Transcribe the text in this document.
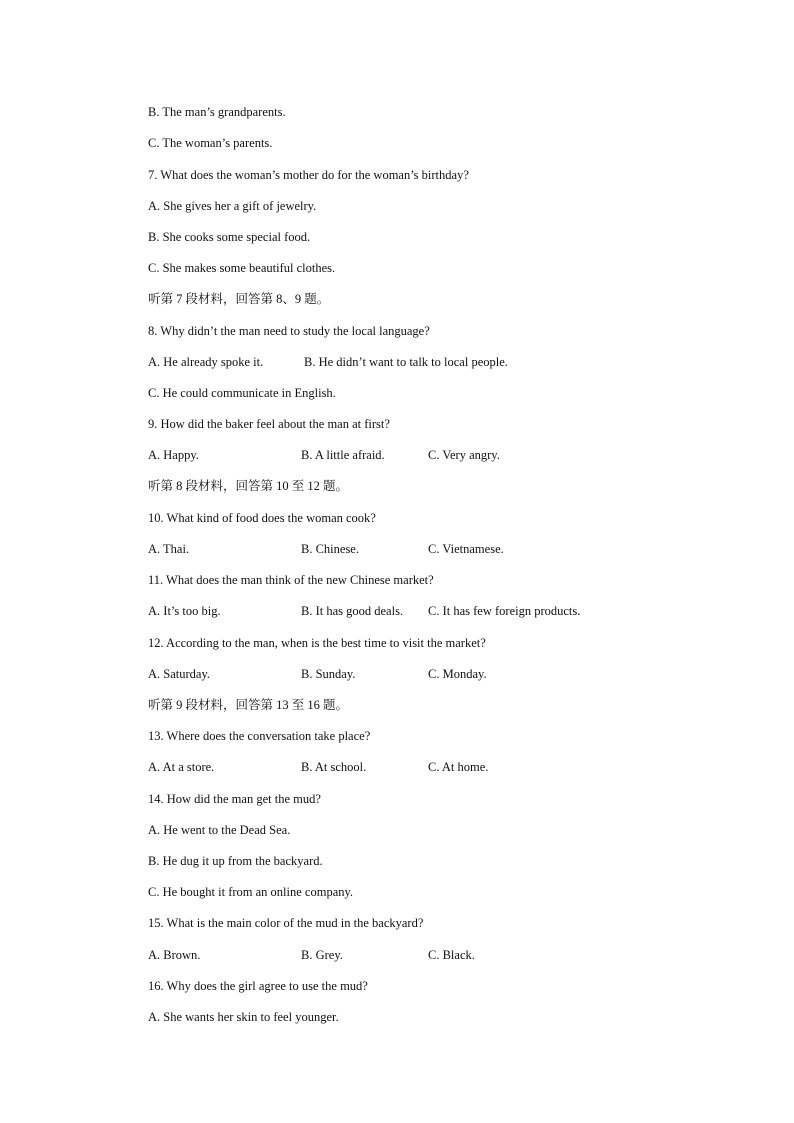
B. The man’s grandparents.
C. The woman’s parents.
7. What does the woman’s mother do for the woman’s birthday?
A. She gives her a gift of jewelry.
B. She cooks some special food.
C. She makes some beautiful clothes.
听第 7 段材料，回答第 8、9 题。
8. Why didn’t the man need to study the local language?
A. He already spoke it.	B. He didn’t want to talk to local people.
C. He could communicate in English.
9. How did the baker feel about the man at first?
A. Happy.	B. A little afraid.	C. Very angry.
听第 8 段材料，回答第 10 至 12 题。
10. What kind of food does the woman cook?
A. Thai.	B. Chinese.	C. Vietnamese.
11. What does the man think of the new Chinese market?
A. It’s too big.	B. It has good deals. C. It has few foreign products.
12. According to the man, when is the best time to visit the market?
A. Saturday.	B. Sunday.	C. Monday.
听第 9 段材料，回答第 13 至 16 题。
13. Where does the conversation take place?
A. At a store.	B. At school.	C. At home.
14. How did the man get the mud?
A. He went to the Dead Sea.
B. He dug it up from the backyard.
C. He bought it from an online company.
15. What is the main color of the mud in the backyard?
A. Brown.	B. Grey.	C. Black.
16. Why does the girl agree to use the mud?
A. She wants her skin to feel younger.
